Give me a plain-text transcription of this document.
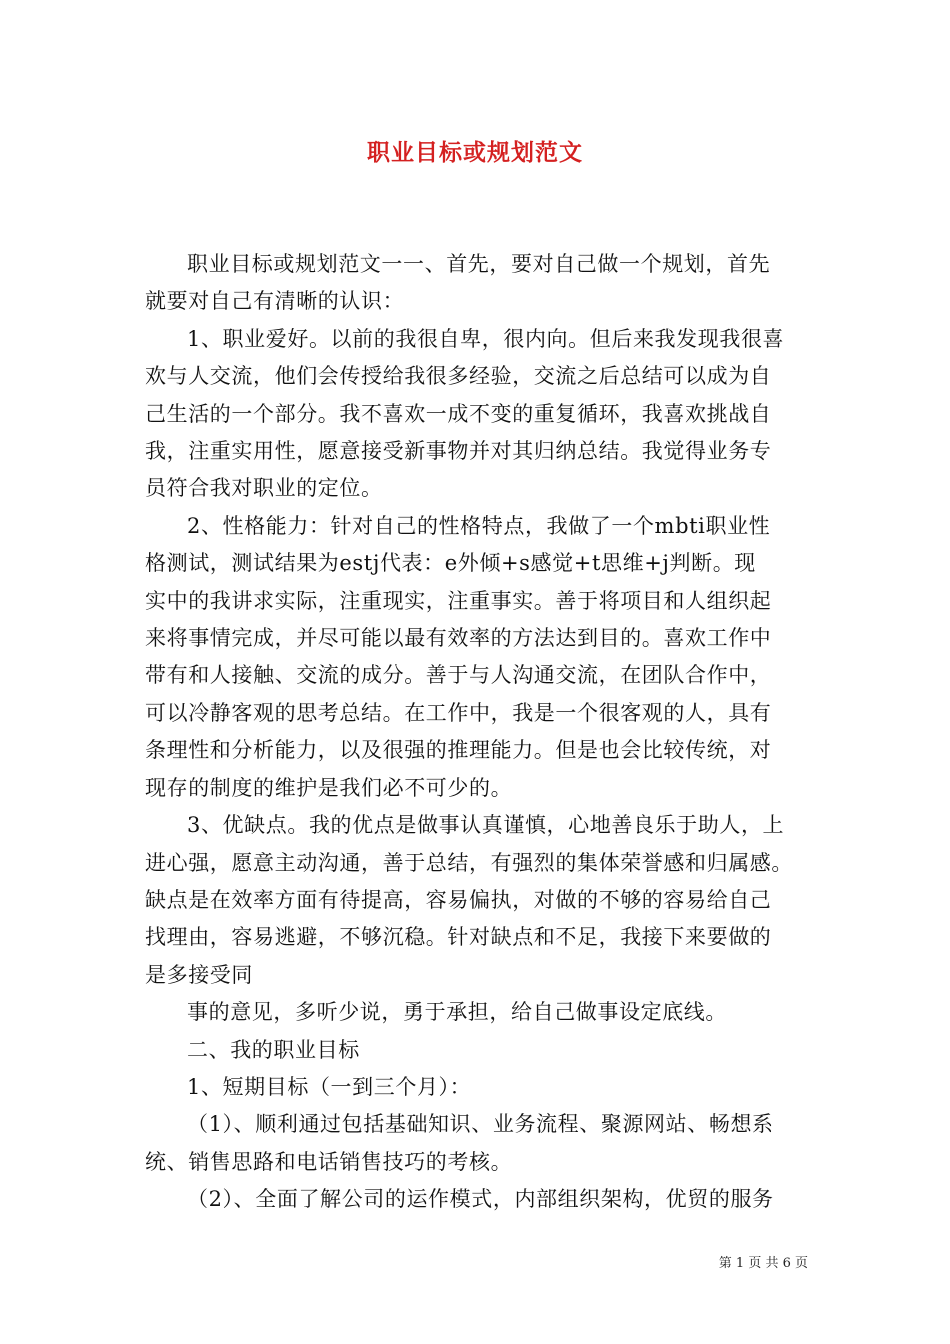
职业目标或规划范文

职业目标或规划范文一一、首先，要对自己做一个规划，首先
就要对自己有清晰的认识：

1、职业爱好。以前的我很自卑，很内向。但后来我发现我很喜
欢与人交流，他们会传授给我很多经验，交流之后总结可以成为自
己生活的一个部分。我不喜欢一成不变的重复循环，我喜欢挑战自
我，注重实用性，愿意接受新事物并对其归纳总结。我觉得业务专
员符合我对职业的定位。

2、性格能力：针对自己的性格特点，我做了一个mbti职业性
格测试，测试结果为estj代表：e外倾+s感觉+t思维+j判断。现
实中的我讲求实际，注重现实，注重事实。善于将项目和人组织起
来将事情完成，并尽可能以最有效率的方法达到目的。喜欢工作中
带有和人接触、交流的成分。善于与人沟通交流，在团队合作中，
可以冷静客观的思考总结。在工作中，我是一个很客观的人，具有
条理性和分析能力，以及很强的推理能力。但是也会比较传统，对
现存的制度的维护是我们必不可少的。

3、优缺点。我的优点是做事认真谨慎，心地善良乐于助人，上
进心强，愿意主动沟通，善于总结，有强烈的集体荣誉感和归属感。
缺点是在效率方面有待提高，容易偏执，对做的不够的容易给自己
找理由，容易逃避，不够沉稳。针对缺点和不足，我接下来要做的
是多接受同

事的意见，多听少说，勇于承担，给自己做事设定底线。

二、我的职业目标

1、短期目标（一到三个月）：

（1）、顺利通过包括基础知识、业务流程、聚源网站、畅想系
统、销售思路和电话销售技巧的考核。

（2）、全面了解公司的运作模式，内部组织架构，优贸的服务

第 1 页 共 6 页
